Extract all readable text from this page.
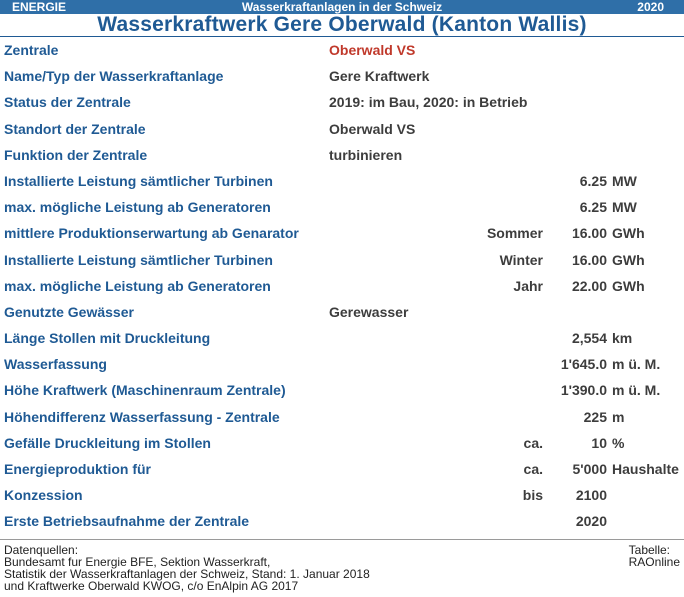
Wasserkraftanlagen in der Schweiz
ENERGIE	2020
Wasserkraftwerk Gere Oberwald (Kanton Wallis)
Zentrale	Oberwald VS
Name/Typ der Wasserkraftanlage	Gere Kraftwerk
Status der Zentrale	2019: im Bau, 2020: in Betrieb
Standort der Zentrale	Oberwald VS
Funktion der Zentrale	turbinieren
Installierte Leistung sämtlicher Turbinen	6.25 MW
max. mögliche Leistung ab Generatoren	6.25 MW
mittlere Produktionserwartung ab Genarator	Sommer 16.00 GWh
Installierte Leistung sämtlicher Turbinen	Winter 16.00 GWh
max. mögliche Leistung ab Generatoren	Jahr 22.00 GWh
Genutzte Gewässer	Gerewasser
Länge Stollen mit Druckleitung	2,554 km
Wasserfassung	1'645.0 m ü. M.
Höhe Kraftwerk (Maschinenraum Zentrale)	1'390.0 m ü. M.
Höhendifferenz Wasserfassung - Zentrale	225 m
Gefälle Druckleitung im Stollen	ca.	10 %
Energieproduktion für	ca. 5'000 Haushalte
Konzession	bis 2100
Erste Betriebsaufnahme der Zentrale	2020
Datenquellen:
Bundesamt fur Energie BFE, Sektion Wasserkraft,
Statistik der Wasserkraftanlagen der Schweiz, Stand: 1. Januar 2018
und Kraftwerke Oberwald KWOG, c/o EnAlpin AG 2017
Tabelle:
RAOnline
